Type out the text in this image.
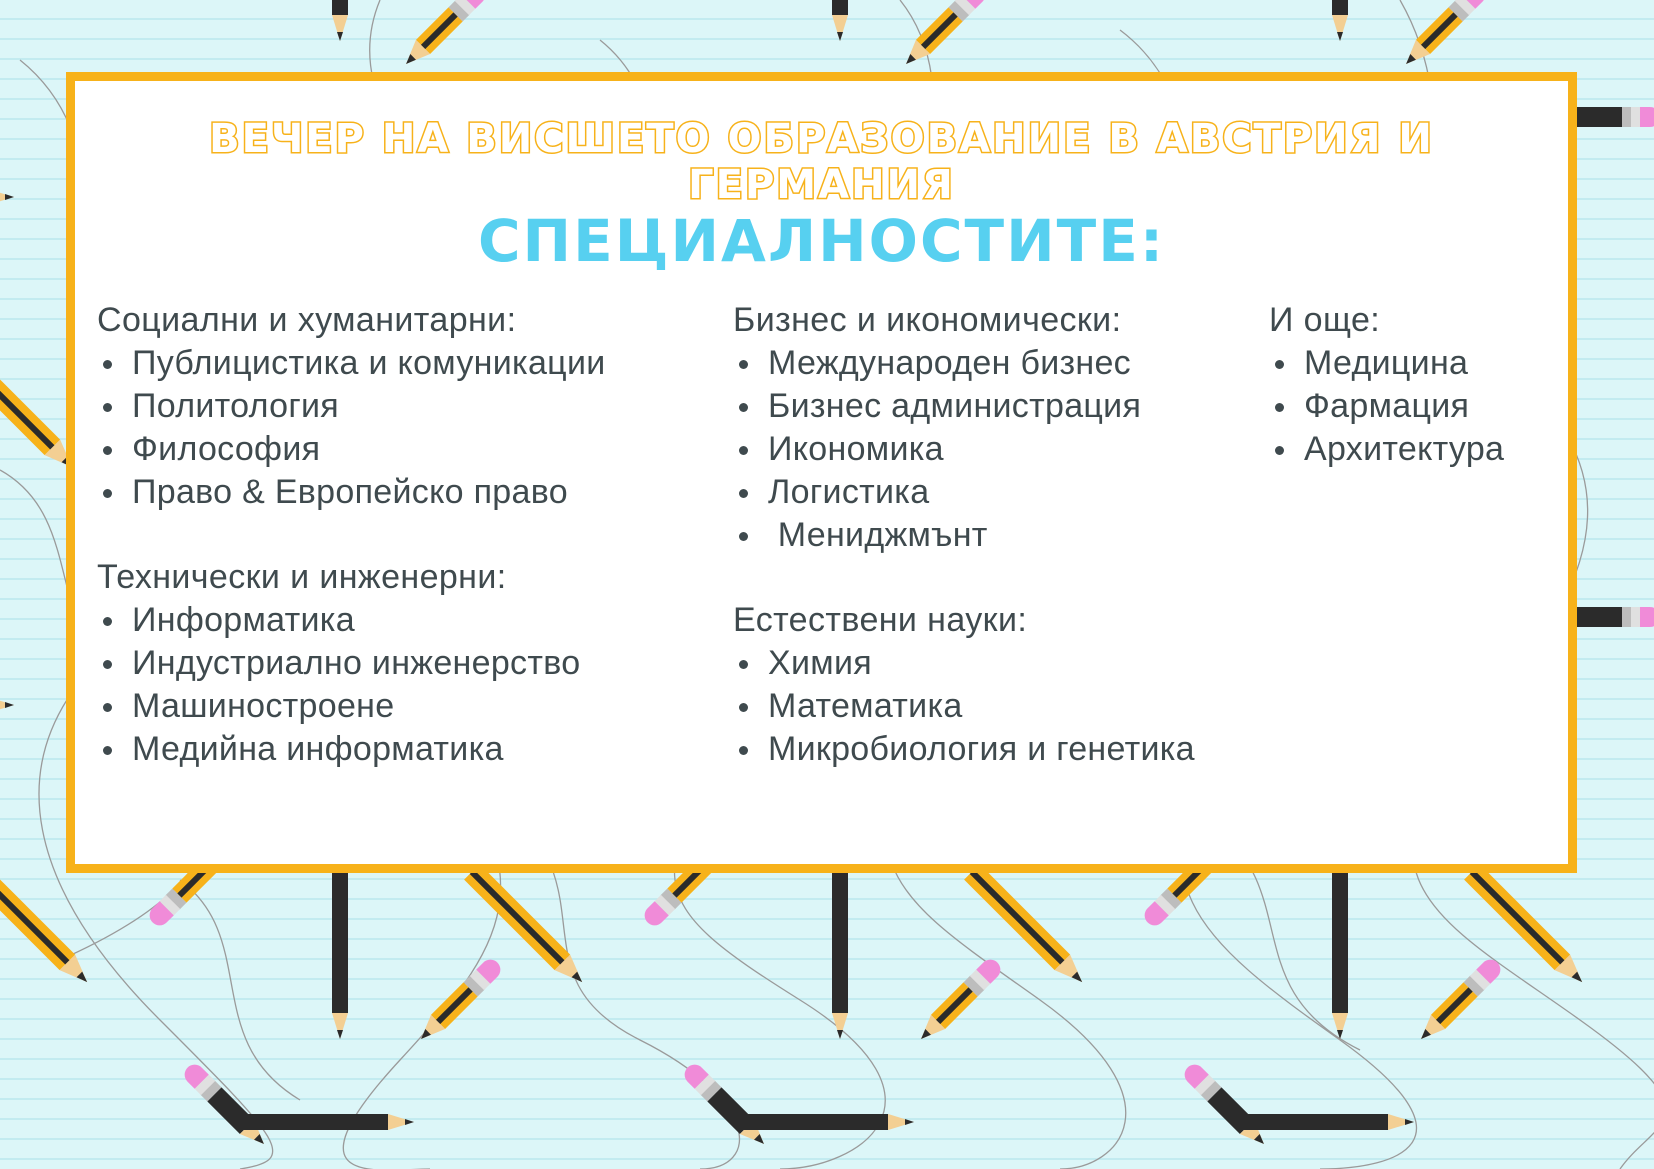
ВЕЧЕР НА ВИСШЕТО ОБРАЗОВАНИЕ В АВСТРИЯ И ГЕРМАНИЯ
СПЕЦИАЛНОСТИТЕ:
Социални и хуманитарни:
Публицистика и комуникации
Политология
Философия
Право & Европейско право
Технически и инженерни:
Информатика
Индустриално инженерство
Машиностроене
Медийна информатика
Бизнес и икономически:
Международен бизнес
Бизнес администрация
Икономика
Логистика
Мениджмънт
Естествени науки:
Химия
Математика
Микробиология и генетика
И още:
Медицина
Фармация
Архитектура
